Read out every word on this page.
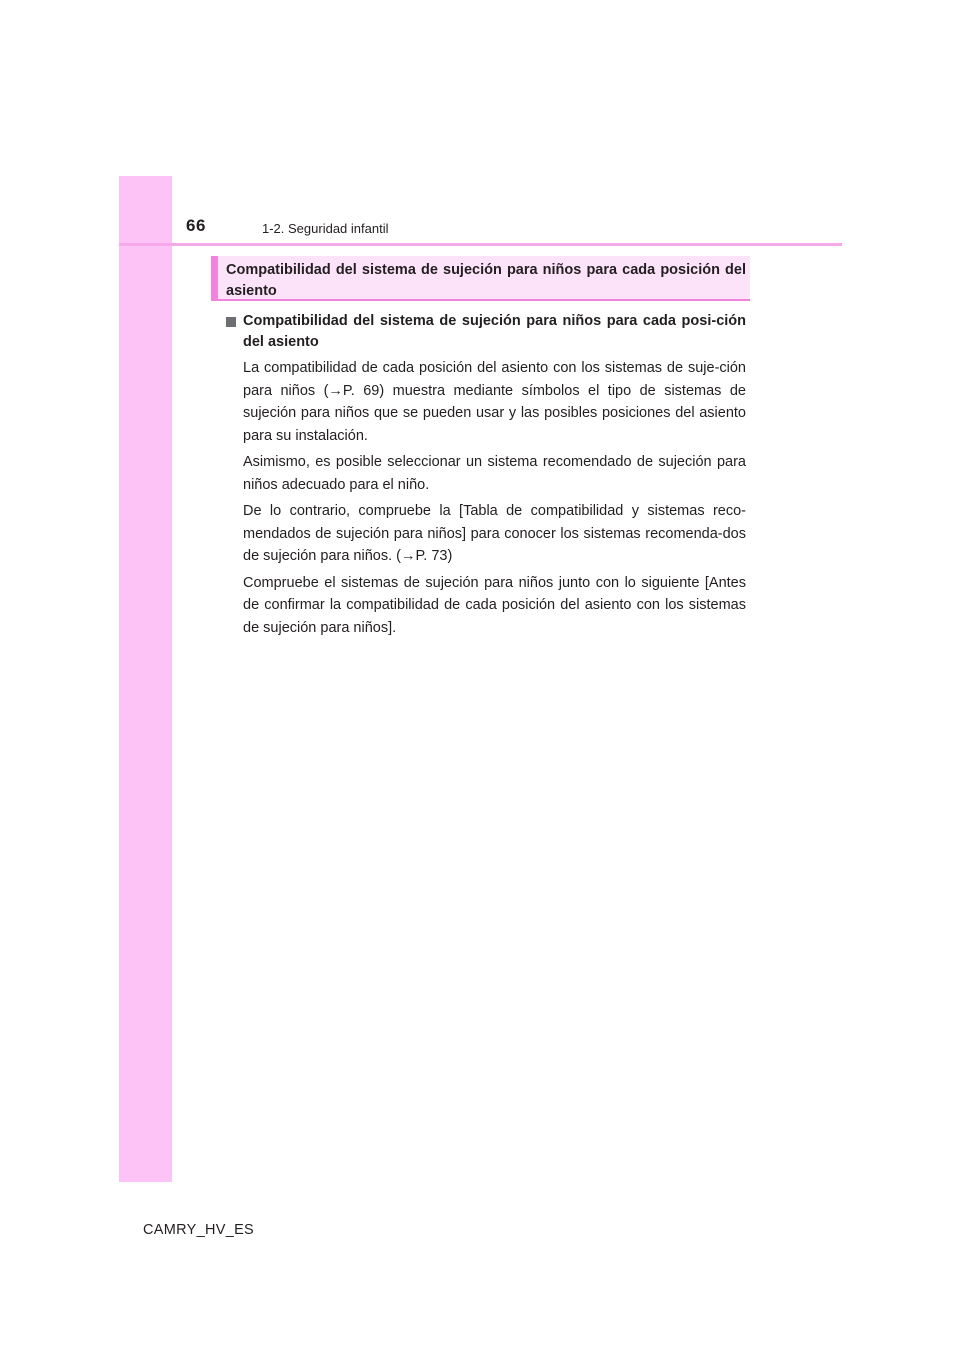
66	1-2. Seguridad infantil
Compatibilidad del sistema de sujeción para niños para cada posición del asiento

Compatibilidad del sistema de sujeción para niños para cada posi-ción del asiento

La compatibilidad de cada posición del asiento con los sistemas de suje-ción para niños (→P. 69) muestra mediante símbolos el tipo de sistemas de sujeción para niños que se pueden usar y las posibles posiciones del asiento para su instalación.

Asimismo, es posible seleccionar un sistema recomendado de sujeción para niños adecuado para el niño.

De lo contrario, compruebe la [Tabla de compatibilidad y sistemas reco-mendados de sujeción para niños] para conocer los sistemas recomenda-dos de sujeción para niños. (→P. 73)

Compruebe el sistemas de sujeción para niños junto con lo siguiente [Antes de confirmar la compatibilidad de cada posición del asiento con los sistemas de sujeción para niños].

CAMRY_HV_ES
